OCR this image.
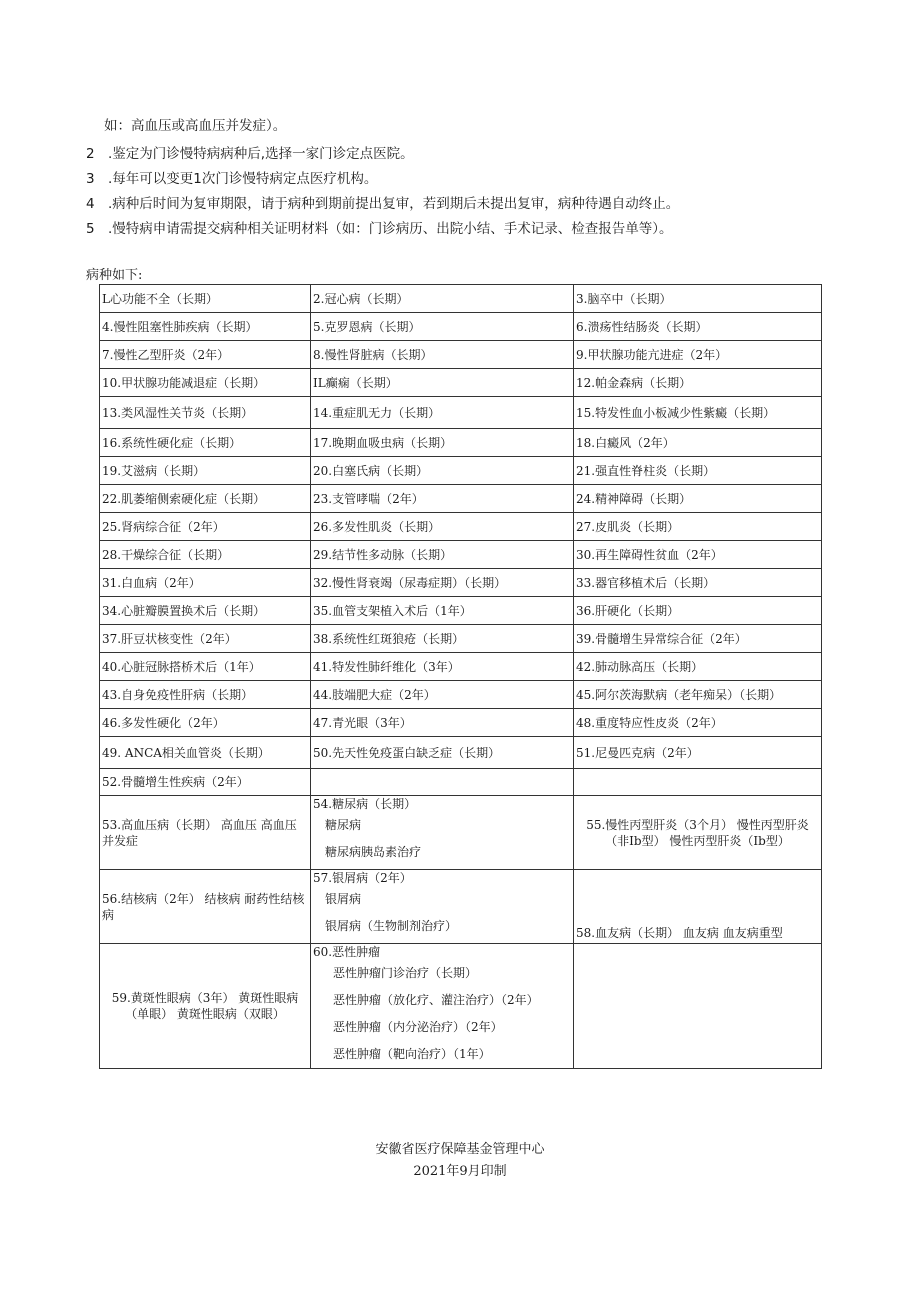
如：高血压或高血压并发症）。
2 .鉴定为门诊慢特病病种后,选择一家门诊定点医院。
3 .每年可以变更1次门诊慢特病定点医疗机构。
4 .病种后时间为复审期限，请于病种到期前提出复审，若到期后未提出复审，病种待遇自动终止。
5 .慢特病申请需提交病种相关证明材料（如：门诊病历、出院小结、手术记录、检查报告单等）。
病种如下:
L心功能不全（长期）	2.冠心病（长期）	3.脑卒中（长期）
4.慢性阻塞性肺疾病（长期）	5.克罗恩病（长期）	6.溃疡性结肠炎（长期）
7.慢性乙型肝炎（2年）	8.慢性肾脏病（长期）	9.甲状腺功能亢进症（2年）
10.甲状腺功能减退症（长期）	IL癫痫（长期）	12.帕金森病（长期）
13.类风湿性关节炎（长期）	14.重症肌无力（长期）	15.特发性血小板减少性紫癜（长期）
16.系统性硬化症（长期）	17.晚期血吸虫病（长期）	18.白癜风（2年）
19.艾滋病（长期）	20.白塞氏病（长期）	21.强直性脊柱炎（长期）
22.肌萎缩侧索硬化症（长期）	23.支管哮喘（2年）	24.精神障碍（长期）
25.肾病综合征（2年）	26.多发性肌炎（长期）	27.皮肌炎（长期）
28.干燥综合征（长期）	29.结节性多动脉（长期）	30.再生障碍性贫血（2年）
31.白血病（2年）	32.慢性肾衰竭（尿毒症期）（长期）	33.器官移植术后（长期）
34.心脏瓣膜置换术后（长期）	35.血管支架植入术后（1年）	36.肝硬化（长期）
37.肝豆状核变性（2年）	38.系统性红斑狼疮（长期）	39.骨髓增生异常综合征（2年）
40.心脏冠脉搭桥术后（1年）	41.特发性肺纤维化（3年）	42.肺动脉高压（长期）
43.自身免疫性肝病（长期）	44.肢端肥大症（2年）	45.阿尔茨海默病（老年痴呆）（长期）
46.多发性硬化（2年）	47.青光眼（3年）	48.重度特应性皮炎（2年）
49. ANCA相关血管炎（长期）	50.先天性免疫蛋白缺乏症（长期）	51.尼曼匹克病（2年）
52.骨髓增生性疾病（2年）		
53.高血压病（长期） 高血压 高血压并发症	54.糖尿病（长期）
糖尿病
糖尿病胰岛素治疗	55.慢性丙型肝炎（3个月） 慢性丙型肝炎（非Ib型） 慢性丙型肝炎（Ib型）
56.结核病（2年） 结核病 耐药性结核病	57.银屑病（2年）
银屑病
银屑病（生物制剂治疗）	58.血友病（长期） 血友病 血友病重型
59.黄斑性眼病（3年） 黄斑性眼病（单眼） 黄斑性眼病（双眼）	60.恶性肿瘤
恶性肿瘤门诊治疗（长期）
恶性肿瘤（放化疗、灌注治疗）（2年）
恶性肿瘤（内分泌治疗）（2年）
恶性肿瘤（靶向治疗）（1年）	

安徽省医疗保障基金管理中心
2021年9月印制
